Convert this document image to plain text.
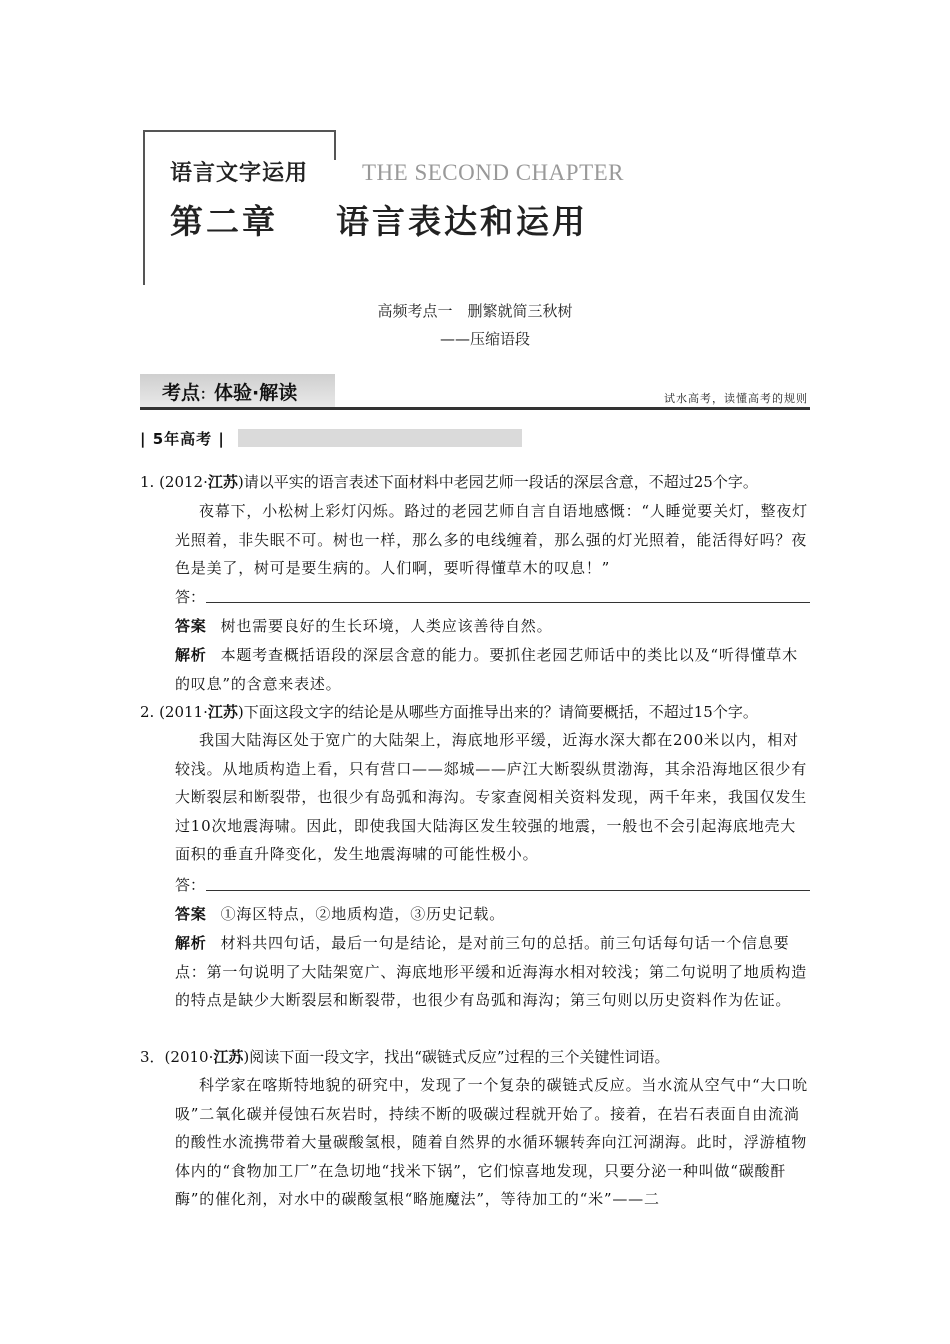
语言文字运用 THE SECOND CHAPTER
第二章    语言表达和运用
高频考点一　删繁就简三秋树
——压缩语段
考点：体验·解读	试水高考，读懂高考的规则
| 5年高考 |
1. (2012·江苏)请以平实的语言表述下面材料中老园艺师一段话的深层含意，不超过25个字。
夜幕下，小松树上彩灯闪烁。路过的老园艺师自言自语地感慨：“人睡觉要关灯，整夜灯光照着，非失眠不可。树也一样，那么多的电线缠着，那么强的灯光照着，能活得好吗？夜色是美了，树可是要生病的。人们啊，要听得懂草木的叹息！”
答：
答案 树也需要良好的生长环境，人类应该善待自然。
解析 本题考查概括语段的深层含意的能力。要抓住老园艺师话中的类比以及“听得懂草木的叹息”的含意来表述。
2. (2011·江苏)下面这段文字的结论是从哪些方面推导出来的？请简要概括，不超过15个字。
我国大陆海区处于宽广的大陆架上，海底地形平缓，近海水深大都在200米以内，相对较浅。从地质构造上看，只有营口——郯城——庐江大断裂纵贯渤海，其余沿海地区很少有大断裂层和断裂带，也很少有岛弧和海沟。专家查阅相关资料发现，两千年来，我国仅发生过10次地震海啸。因此，即使我国大陆海区发生较强的地震，一般也不会引起海底地壳大面积的垂直升降变化，发生地震海啸的可能性极小。
答：
答案 ①海区特点，②地质构造，③历史记载。
解析 材料共四句话，最后一句是结论，是对前三句的总括。前三句话每句话一个信息要点：第一句说明了大陆架宽广、海底地形平缓和近海海水相对较浅；第二句说明了地质构造的特点是缺少大断裂层和断裂带，也很少有岛弧和海沟；第三句则以历史资料作为佐证。
3．(2010·江苏)阅读下面一段文字，找出“碳链式反应”过程的三个关键性词语。
科学家在喀斯特地貌的研究中，发现了一个复杂的碳链式反应。当水流从空气中“大口吮吸”二氧化碳并侵蚀石灰岩时，持续不断的吸碳过程就开始了。接着，在岩石表面自由流淌的酸性水流携带着大量碳酸氢根，随着自然界的水循环辗转奔向江河湖海。此时，浮游植物体内的“食物加工厂”在急切地“找米下锅”，它们惊喜地发现，只要分泌一种叫做“碳酸酐酶”的催化剂，对水中的碳酸氢根“略施魔法”，等待加工的“米”——二
